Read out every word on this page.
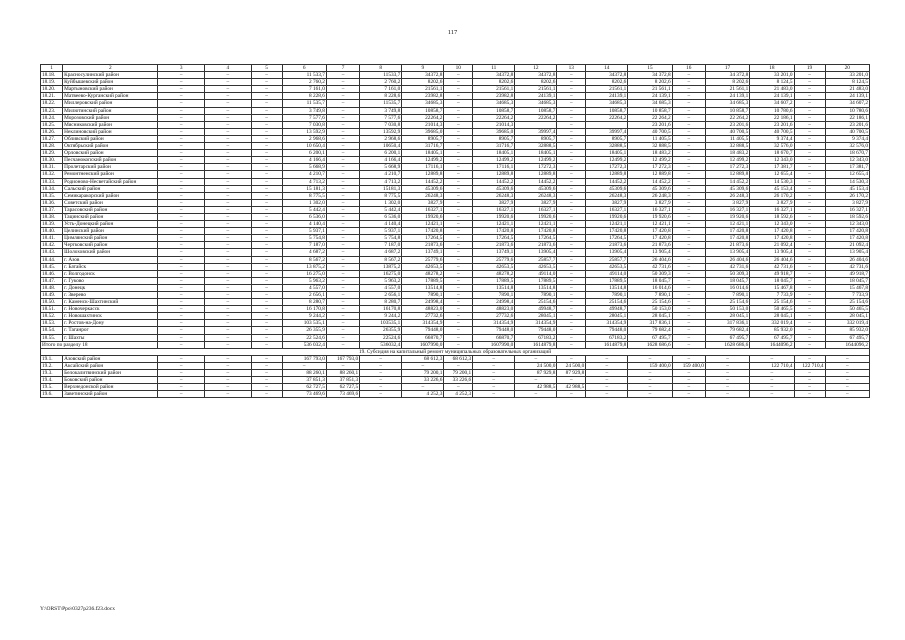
117
1	2	3	4	5	6	7	8	9	10	11	12	13	14	15	16	17	18	19	20
18.18.	Красносулинский район	–	–	–	11 533,7	–	11533,7	34372,8	–	34372,8	34372,8	–	34372,8	34 372,8	–	34 372,8	33 201,0	–	33 201,0
18.19.	Куйбышевский район	–	–	–	2 760,2	–	2 760,2	8202,6	–	8202,6	8202,6	–	8202,6	8 202,6	–	8 202,6	8 124,5	–	8 124,5
18.20.	Мартыновский район	–	–	–	7 161,0	–	7 161,0	21561,1	–	21561,1	21561,1	–	21561,1	21 561,1	–	21 561,1	21 483,0	–	21 483,0
18.21.	Матвеево-Курганский район	–	–	–	8 228,6	–	8 228,6	23982,8	–	23982,8	24139,1	–	24139,1	24 139,1	–	24 139,1	24 139,1	–	24 139,1
18.22.	Миллеровский район	–	–	–	11 535,7	–	11535,7	34685,3	–	34685,3	34685,3	–	34685,3	34 685,3	–	34 685,3	34 607,2	–	34 607,2
18.23.	Милютинский район	–	–	–	3 749,8	–	3 749,8	10858,7	–	10858,7	10858,7	–	10858,7	10 858,7	–	10 858,7	10 780,6	–	10 780,6
18.24.	Морозовский район	–	–	–	7 577,6	–	7 577,6	22264,2	–	22264,2	22264,2	–	22264,2	22 264,2	–	22 264,2	22 186,1	–	22 186,1
18.25.	Мясниковский район	–	–	–	7 030,8	–	7 030,8	21014,3	–	21014,3		–		23 201,6	–	23 201,6	23 201,6	–	23 201,6
18.26.	Неклиновский район	–	–	–	13 592,9	–	13592,9	39685,0	–	39685,0	39997,4	–	39997,4	40 700,5	–	40 700,5	40 700,5	–	40 700,5
18.27.	Обливский район	–	–	–	2 968,6	–	2 968,6	8905,7	–	8905,7	8905,7	–	8905,7	11 405,5	–	11 405,5	9 374,4	–	9 374,4
18.28.	Октябрьский район	–	–	–	10 650,4	–	10650,4	31716,7	–	31716,7	32888,5	–	32888,5	32 888,5	–	32 888,5	32 576,0	–	32 576,0
18.29.	Орловский район	–	–	–	6 200,1	–	6 200,1	18405,1	–	18405,1	18405,1	–	18405,1	18 483,2	–	18 483,2	18 670,7	–	18 670,7
18.30.	Песчанокопский район	–	–	–	4 166,4	–	4 166,4	12499,2	–	12499,2	12499,2	–	12499,2	12 499,2	–	12 499,2	12 343,0	–	12 343,0
18.31.	Пролетарский район	–	–	–	5 668,9	–	5 668,9	17116,1	–	17116,1	17272,3	–	17272,3	17 272,3	–	17 272,3	17 381,7	–	17 381,7
18.32.	Ремонтненский район	–	–	–	4 210,7	–	4 210,7	12889,8	–	12889,8	12889,8	–	12889,8	12 889,8	–	12 889,8	12 655,4	–	12 655,4
18.33.	Родионово-Несветайский район	–	–	–	4 713,2	–	4 713,2	14452,2	–	14452,2	14452,2	–	14452,2	14 452,2	–	14 452,2	14 530,3	–	14 530,3
18.34.	Сальский район	–	–	–	15 181,3	–	15181,3	45309,6	–	45309,6	45309,6	–	45309,6	45 309,6	–	45 309,6	45 153,4	–	45 153,4
18.35.	Семикаракорский район	–	–	–	8 775,5	–	8 775,5	26248,3	–	26248,3	26248,3	–	26248,3	26 248,3	–	26 248,3	26 170,2	–	26 170,2
18.36.	Советский район	–	–	–	1 302,0	–	1 302,0	3827,9	–	3827,9	3827,9	–	3827,9	3 827,9	–	3 827,9	3 827,9	–	3 827,9
18.37.	Тарасовский район	–	–	–	5 442,4	–	5 442,4	16327,1	–	16327,1	16327,1	–	16327,1	16 327,1	–	16 327,1	16 327,1	–	16 327,1
18.38.	Тацинский район	–	–	–	6 536,0	–	6 536,0	19920,6	–	19920,6	19920,6	–	19920,6	19 920,6	–	19 920,6	18 592,6	–	18 592,6
18.39.	Усть-Донецкий район	–	–	–	4 140,4	–	4 140,4	12421,1	–	12421,1	12421,1	–	12421,1	12 421,1	–	12 421,1	12 343,0	–	12 343,0
18.40.	Целинский район	–	–	–	5 937,1	–	5 937,1	17420,8	–	17420,8	17420,8	–	17420,8	17 420,8	–	17 420,8	17 420,8	–	17 420,8
18.41.	Цимлянский район	–	–	–	5 754,8	–	5 754,8	17264,5	–	17264,5	17264,5	–	17264,5	17 420,8	–	17 420,8	17 420,8	–	17 420,8
18.42.	Чертковский район	–	–	–	7 187,0	–	7 187,0	21873,6	–	21873,6	21873,6	–	21873,6	21 873,6	–	21 873,6	21 092,4	–	21 092,4
18.43.	Шолоховский район	–	–	–	4 687,2	–	4 687,2	13749,1	–	13749,1	13905,4	–	13905,4	13 905,4	–	13 905,4	13 905,4	–	13 905,4
18.44.	г. Азов	–	–	–	8 567,2	–	8 567,2	25779,6	–	25779,6	25857,7	–	25857,7	26 404,6	–	26 404,6	26 404,6	–	26 404,6
18.45.	г. Батайск	–	–	–	13 875,2	–	13875,2	42653,5	–	42653,5	42653,5	–	42653,5	42 731,6	–	42 731,6	42 731,6	–	42 731,6
18.46.	г. Волгодонск	–	–	–	16 275,0	–	16275,0	48278,2	–	48278,2	49114,0	–	49114,0	50 309,3	–	50 309,3	49 918,7	–	49 918,7
18.47.	г. Гуково	–	–	–	5 963,2	–	5 963,2	17889,5	–	17889,5	17889,5	–	17889,5	18 045,7	–	18 045,7	18 045,7	–	18 045,7
18.48.	г. Донецк	–	–	–	4 557,0	–	4 557,0	13514,8	–	13514,8	13514,8	–	13514,8	16 014,6	–	16 014,6	15 467,8	–	15 467,8
18.49.	г. Зверево	–	–	–	2 656,1	–	2 656,1	7890,1	–	7890,1	7890,1	–	7890,1	7 890,1	–	7 890,1	7 733,9	–	7 733,9
18.50.	г. Каменск-Шахтинский	–	–	–	8 280,7	–	8 280,7	24998,4	–	24998,4	25154,6	–	25154,6	25 154,6	–	25 154,6	25 154,6	–	25 154,6
18.51.	г. Новочеркасск	–	–	–	16 170,8	–	16170,8	48823,0	–	48823,0	49948,7	–	49948,7	50 153,0	–	50 153,0	50 465,5	–	50 465,5
18.52.	г. Новошахтинск	–	–	–	9 244,2	–	9 244,2	27732,6	–	27732,6	28045,1	–	28045,1	28 045,1	–	28 045,1	28 045,1	–	28 045,1
18.53.	г. Ростов-на-Дону	–	–	–	103 535,1	–	103535,1	314354,9	–	314354,9	314354,9	–	314354,9	317 836,1	–	317 836,1	332 019,4	–	332 019,4
18.54.	г. Таганрог	–	–	–	26 355,9	–	26355,9	79448,0	–	79448,0	79448,0	–	79448,0	79 682,4	–	79 682,4	85 932,0	–	85 932,0
18.55.	г. Шахты	–	–	–	22 524,6	–	22524,6	66870,7	–	66870,7	67183,2	–	67183,2	67 495,7	–	67 495,7	67 495,7	–	67 495,7
Итого по разделу 18		–	–	–	536 032,4	–	536032,4	1607990,0	–	1607990,0	1614879,8	–	1614879,8	1628 686,6	–	1628 686,6	1644096,2	–	1644096,2
19. Субсидия на капитальный ремонт муниципальных образовательных организаций																			
19.1.	Азовский район	–	–	–	167 793,0	167 793,0	–	68 612,3	68 612,3	–	–	–	–	–	–	–	–	–	–
19.2.	Аксайский район	–	–	–	–	–	–	–	–	–	24 500,0	24 500,0	–	159 400,0	159 400,0	–	122 710,4	122 710,4	–
19.3.	Белокалитвинский район	–	–	–	88 260,1	88 260,1	–	79 200,1	79 200,1	–	87 929,8	87 929,8	–	–	–	–	–	–	–
19.4.	Боковский район	–	–	–	37 851,3	37 851,3	–	33 226,6	33 226,6	–	–	–	–	–	–	–	–	–	–
19.5.	Верхнедонской район	–	–	–	62 727,5	62 727,5	–	–	–	–	42 988,5	42 988,5	–	–	–	–	–	–	–
19.6.	Заветинский район	–	–	–	73 469,6	73 469,6	–	4 252,3	4 252,3	–	–	–	–	–	–	–	–	–	–
Y:\ORST\Ppo\0327p236.f23.docx
